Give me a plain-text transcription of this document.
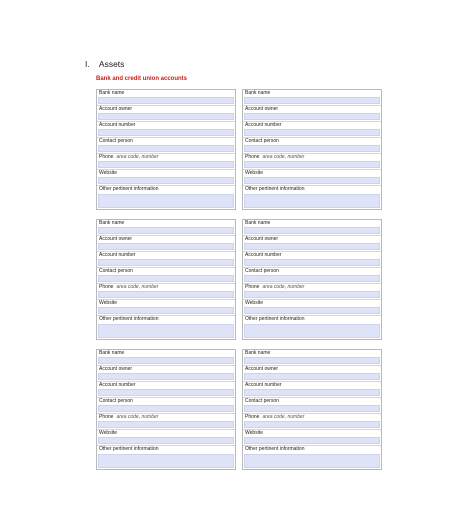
I. Assets
Bank and credit union accounts
Bank name
Account owner
Account number
Contact person
Phone area code, number
Website
Other pertinent information
Bank name
Account owner
Account number
Contact person
Phone area code, number
Website
Other pertinent information
Bank name
Account owner
Account number
Contact person
Phone area code, number
Website
Other pertinent information
Bank name
Account owner
Account number
Contact person
Phone area code, number
Website
Other pertinent information
Bank name
Account owner
Account number
Contact person
Phone area code, number
Website
Other pertinent information
Bank name
Account owner
Account number
Contact person
Phone area code, number
Website
Other pertinent information
